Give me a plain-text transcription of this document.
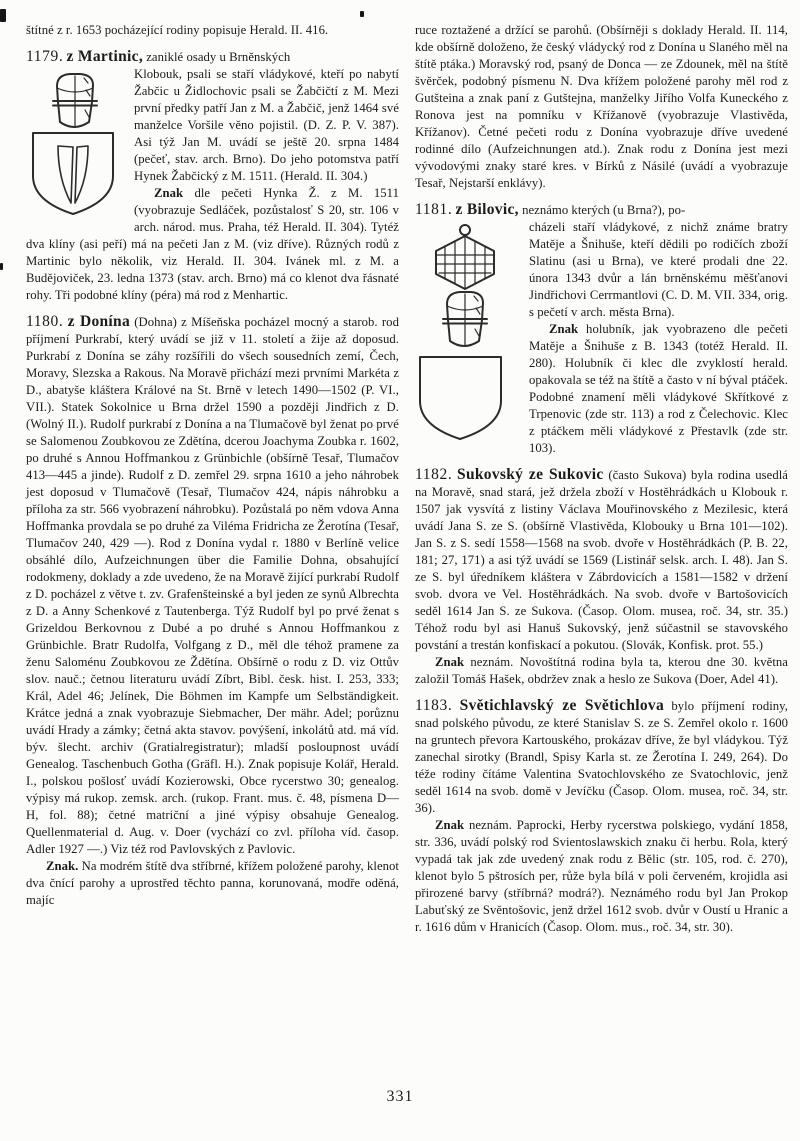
štítné z r. 1653 pocházející rodiny popisuje Herald. II. 416.

1179. z Martinic, zaniklé osady u Brněnských

Klobouk, psali se staří vládykové, kteří po nabytí Žabčic u Židlochovic psali se Žabčičtí z M. Mezi první předky patří Jan z M. a Žabčič, jenž 1464 své manželce Voršile věno pojistil. (D. Z. P. V. 387). Asi týž Jan M. uvádí se ještě 20. srpna 1484 (pečeť, stav. arch. Brno). Do jeho potomstva patří Hynek Žabčický z M. 1511. (Herald. II. 304.)

Znak dle pečeti Hynka Ž. z M. 1511 (vyobrazuje Sedláček, pozůstalosť S 20, str. 106 v arch. národ. mus. Praha, též Herald. II. 304). Tytéž dva klíny (asi peří) má na pečeti Jan z M. (viz dříve). Různých rodů z Martinic bylo několik, viz Herald. II. 304. Ivánek ml. z M. a Budějoviček, 23. ledna 1373 (stav. arch. Brno) má co klenot dva řásnaté rohy. Tři podobné klíny (péra) má rod z Menhartic.

1180. z Donína (Dohna) z Míšeňska pocházel mocný a starob. rod příjmení Purkrabí, který uvádí se již v 11. století a žije až doposud. Purkrabí z Donína se záhy rozšířili do všech sousedních zemí, Čech, Moravy, Slezska a Rakous. Na Moravě přichází mezi prvními Markéta z D., abatyše kláštera Králové na St. Brně v letech 1490—1502 (P. VI., VII.). Statek Sokolnice u Brna držel 1590 a později Jindřich z D. (Wolný II.). Rudolf purkrabí z Donína a na Tlumačově byl ženat po prvé se Salomenou Zoubkovou ze Zdětína, dcerou Joachyma Zoubka r. 1602, po druhé s Annou Hoffmankou z Grünbichle (obšírně Tesař, Tlumačov 413—445 a jinde). Rudolf z D. zemřel 29. srpna 1610 a jeho náhrobek jest doposud v Tlumačově (Tesař, Tlumačov 424, nápis náhrobku a příloha za str. 566 vyobrazení náhrobku). Pozůstalá po něm vdova Anna Hoffmanka provdala se po druhé za Viléma Fridricha ze Žerotína (Tesař, Tlumačov 240, 429 —). Rod z Donína vydal r. 1880 v Berlíně velice obsáhlé dílo, Aufzeichnungen über die Familie Dohna, obsahující rodokmeny, doklady a zde uvedeno, že na Moravě žijící purkrabí Rudolf z D. pocházel z větve t. zv. Grafenšteinské a byl jeden ze synů Albrechta z D. a Anny Schenkové z Tautenberga. Týž Rudolf byl po prvé ženat s Grizeldou Berkovnou z Dubé a po druhé s Annou Hoffmankou z Grünbichle. Bratr Rudolfa, Volfgang z D., měl dle téhož pramene za ženu Saloménu Zoubkovou ze Ždětína. Obšírně o rodu z D. viz Ottův slov. nauč.; četnou literaturu uvádí Zíbrt, Bibl. česk. hist. I. 253, 333; Král, Adel 46; Jelínek, Die Böhmen im Kampfe um Selbständigkeit. Krátce jedná a znak vyobrazuje Siebmacher, Der mähr. Adel; porůznu uvádí Hrady a zámky; četná akta stavov. povýšení, inkolátů atd. má víd. býv. šlecht. archiv (Gratialregistratur); mladší posloupnost uvádí Genealog. Taschenbuch Gotha (Gräfl. H.). Znak popisuje Kolář, Herald. I., polskou pošlosť uvádí Kozierowski, Obce rycerstwo 30; genealog. výpisy má rukop. zemsk. arch. (rukop. Frant. mus. č. 48, písmena D—H, fol. 88); četné matriční a jiné výpisy obsahuje Genealog. Quellenmaterial d. Aug. v. Doer (vychází co zvl. příloha víd. časop. Adler 1927 —.) Viz též rod Pavlovských z Pavlovic.

Znak. Na modrém štítě dva stříbrné, křížem položené parohy, klenot dva čnící parohy a uprostřed těchto panna, korunovaná, modře oděná, majíc

ruce roztažené a držící se parohů. (Obšírněji s doklady Herald. II. 114, kde obšírně doloženo, že český vládycký rod z Donína u Slaného měl na štítě ptáka.) Moravský rod, psaný de Donca — ze Zdounek, měl na štítě švěrček, podobný písmenu N. Dva křížem položené parohy měl rod z Gutšteina a znak paní z Gutštejna, manželky Jiřího Volfa Kuneckého z Ronova jest na pomníku v Křížanově (vyobrazuje Vlastivěda, Křížanov). Četné pečeti rodu z Donína vyobrazuje dříve uvedené rodinné dílo (Aufzeichnungen atd.). Znak rodu z Donína jest mezi vývodovými znaky staré kres. v Bírků z Násilé (uvádí a vyobrazuje Tesař, Nejstarší enklávy).

1181. z Bilovic, neznámo kterých (u Brna?), po-

cházeli staří vládykové, z nichž známe bratry Matěje a Šnihuše, kteří dědili po rodičích zboží Slatinu (asi u Brna), ve které prodali dne 22. února 1343 dvůr a lán brněnskému měšťanovi Jindřichovi Cerrmantlovi (C. D. M. VII. 334, orig. s pečetí v arch. města Brna).

Znak holubník, jak vyobrazeno dle pečeti Matěje a Šnihuše z B. 1343 (totéž Herald. II. 280). Holubník či klec dle zvyklostí herald. opakovala se též na štítě a často v ní býval ptáček. Podobné znamení měli vládykové Skřítkové z Trpenovic (zde str. 113) a rod z Čelechovic. Klec z ptáčkem měli vládykové z Přestavlk (zde str. 103).

1182. Sukovský ze Sukovic (často Sukova) byla rodina usedlá na Moravě, snad stará, jež držela zboží v Hostěhrádkách u Klobouk r. 1507 jak vysvítá z listiny Václava Mouřinovského z Mezilesic, která uvádí Jana S. ze S. (obšírně Vlastivěda, Klobouky u Brna 101—102). Jan S. z S. sedí 1558—1568 na svob. dvoře v Hostěhrádkách (P. B. 22, 181; 27, 171) a asi týž uvádí se 1569 (Listinář selsk. arch. I. 48). Jan S. ze S. byl úředníkem kláštera v Zábrdovicích a 1581—1582 v držení svob. dvora ve Vel. Hostěhrádkách. Na svob. dvoře v Bartošovicích seděl 1614 Jan S. ze Sukova. (Časop. Olom. musea, roč. 34, str. 35.) Téhož rodu byl asi Hanuš Sukovský, jenž súčastnil se stavovského povstání a trestán konfiskací a pokutou. (Slovák, Konfisk. prot. 55.)

Znak neznám. Novoštítná rodina byla ta, kterou dne 30. května založil Tomáš Hašek, obdržev znak a heslo ze Sukova (Doer, Adel 41).

1183. Světichlavský ze Světichlova bylo příjmení rodiny, snad polského původu, ze které Stanislav S. ze S. Zemřel okolo r. 1600 na gruntech převora Kartouského, prokázav dříve, že byl vládykou. Týž zanechal sirotky (Brandl, Spisy Karla st. ze Žerotína I. 249, 264). Do téže rodiny čítáme Valentina Svatochlovského ze Svatochlovic, jenž seděl 1614 na svob. domě v Jevíčku (Časop. Olom. musea, roč. 34, str. 36).

Znak neznám. Paprocki, Herby rycerstwa polskiego, vydání 1858, str. 336, uvádí polský rod Svientoslawskich znaku či herbu. Rola, který vypadá tak jak zde uvedený znak rodu z Bělic (str. 105, rod. č. 270), klenot bylo 5 pštrosích per, růže byla bílá v poli červeném, krojidla asi přirozené barvy (stříbrná? modrá?). Neznámého rodu byl Jan Prokop Labuťský ze Svěntošovic, jenž držel 1612 svob. dvůr v Oustí u Hranic a r. 1616 dům v Hranicích (Časop. Olom. mus., roč. 34, str. 30).

331
